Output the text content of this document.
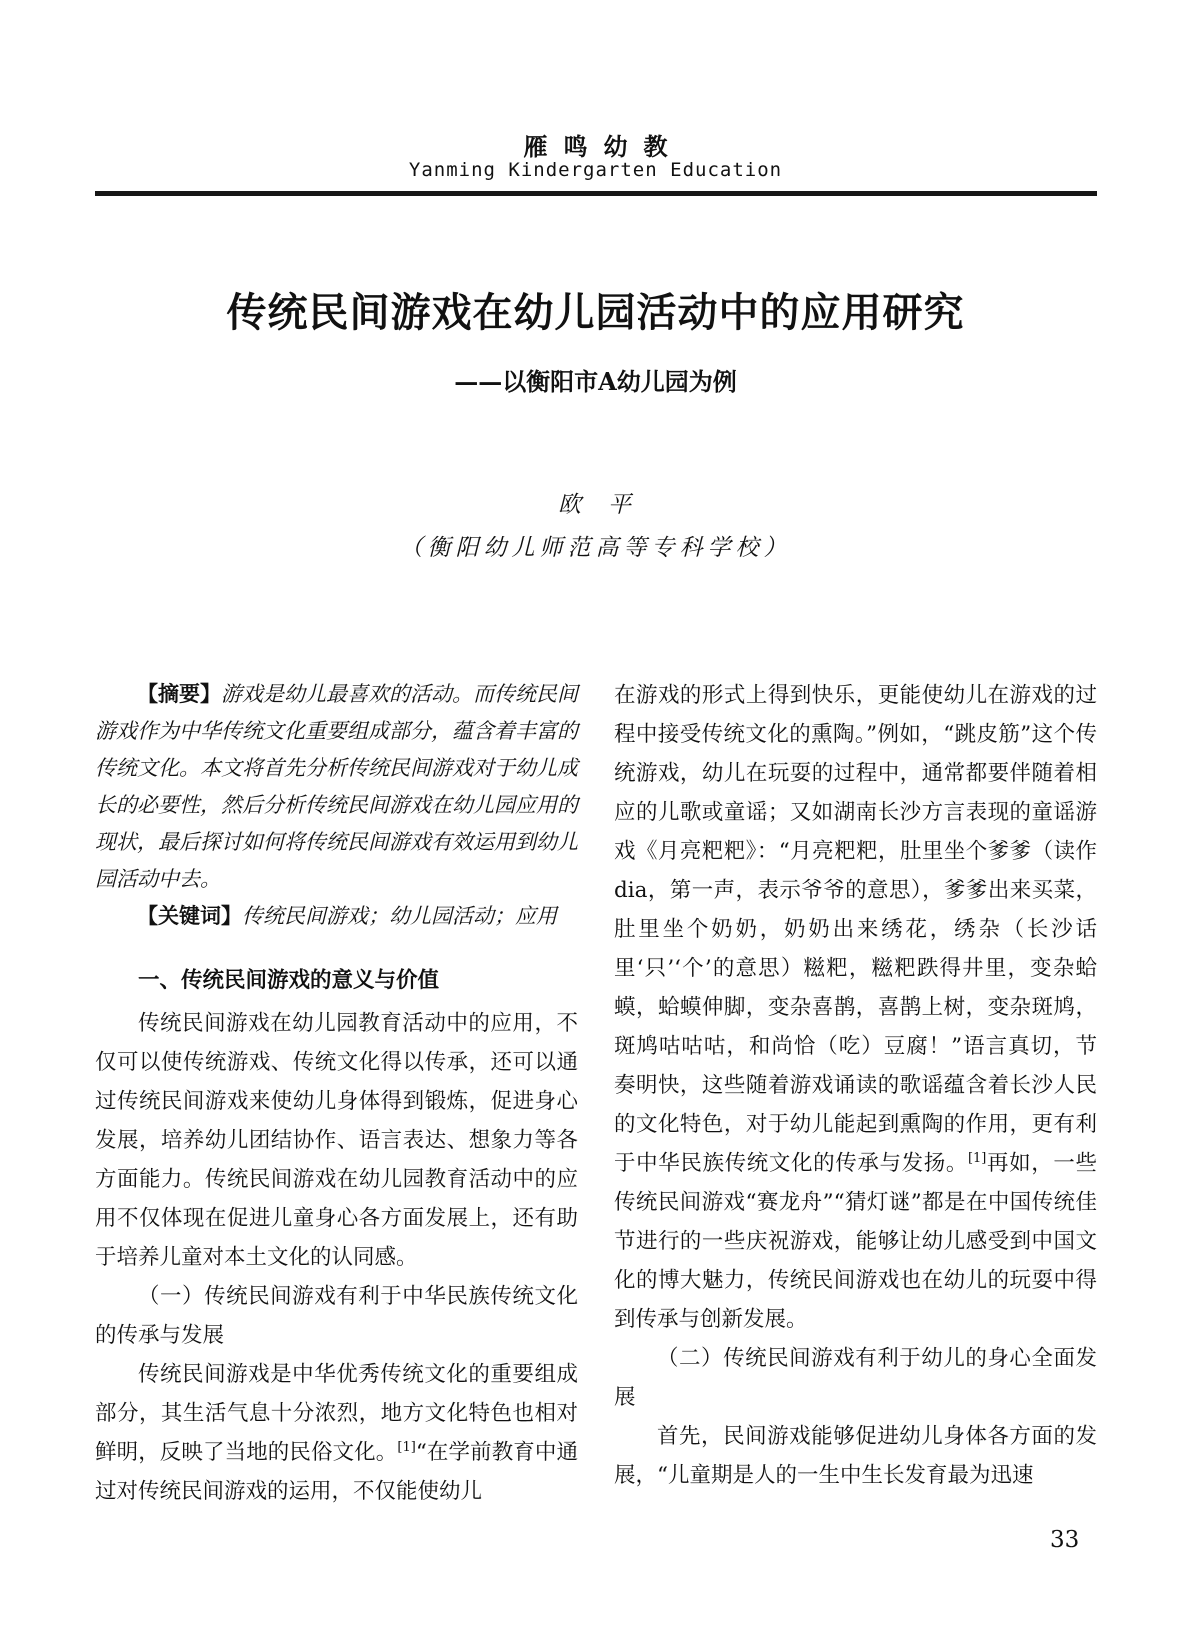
雁鸣幼教
Yanming Kindergarten Education
传统民间游戏在幼儿园活动中的应用研究
——以衡阳市A幼儿园为例
欧　平
（衡阳幼儿师范高等专科学校）

【摘要】游戏是幼儿最喜欢的活动。而传统民间游戏作为中华传统文化重要组成部分，蕴含着丰富的传统文化。本文将首先分析传统民间游戏对于幼儿成长的必要性，然后分析传统民间游戏在幼儿园应用的现状，最后探讨如何将传统民间游戏有效运用到幼儿园活动中去。

【关键词】传统民间游戏；幼儿园活动；应用

一、传统民间游戏的意义与价值

传统民间游戏在幼儿园教育活动中的应用，不仅可以使传统游戏、传统文化得以传承，还可以通过传统民间游戏来使幼儿身体得到锻炼，促进身心发展，培养幼儿团结协作、语言表达、想象力等各方面能力。传统民间游戏在幼儿园教育活动中的应用不仅体现在促进儿童身心各方面发展上，还有助于培养儿童对本土文化的认同感。

（一）传统民间游戏有利于中华民族传统文化的传承与发展

传统民间游戏是中华优秀传统文化的重要组成部分，其生活气息十分浓烈，地方文化特色也相对鲜明，反映了当地的民俗文化。[1]“在学前教育中通过对传统民间游戏的运用，不仅能使幼儿

在游戏的形式上得到快乐，更能使幼儿在游戏的过程中接受传统文化的熏陶。”例如，“跳皮筋”这个传统游戏，幼儿在玩耍的过程中，通常都要伴随着相应的儿歌或童谣；又如湖南长沙方言表现的童谣游戏《月亮粑粑》：“月亮粑粑，肚里坐个爹爹（读作dia，第一声，表示爷爷的意思），爹爹出来买菜，肚里坐个奶奶，奶奶出来绣花，绣杂（长沙话里‘只’‘个’的意思）糍粑，糍粑跌得井里，变杂蛤蟆，蛤蟆伸脚，变杂喜鹊，喜鹊上树，变杂斑鸠，斑鸠咕咕咕，和尚恰（吃）豆腐！”语言真切，节奏明快，这些随着游戏诵读的歌谣蕴含着长沙人民的文化特色，对于幼儿能起到熏陶的作用，更有利于中华民族传统文化的传承与发扬。[1]再如，一些传统民间游戏“赛龙舟”“猜灯谜”都是在中国传统佳节进行的一些庆祝游戏，能够让幼儿感受到中国文化的博大魅力，传统民间游戏也在幼儿的玩耍中得到传承与创新发展。

（二）传统民间游戏有利于幼儿的身心全面发展

首先，民间游戏能够促进幼儿身体各方面的发展，“儿童期是人的一生中生长发育最为迅速

33
